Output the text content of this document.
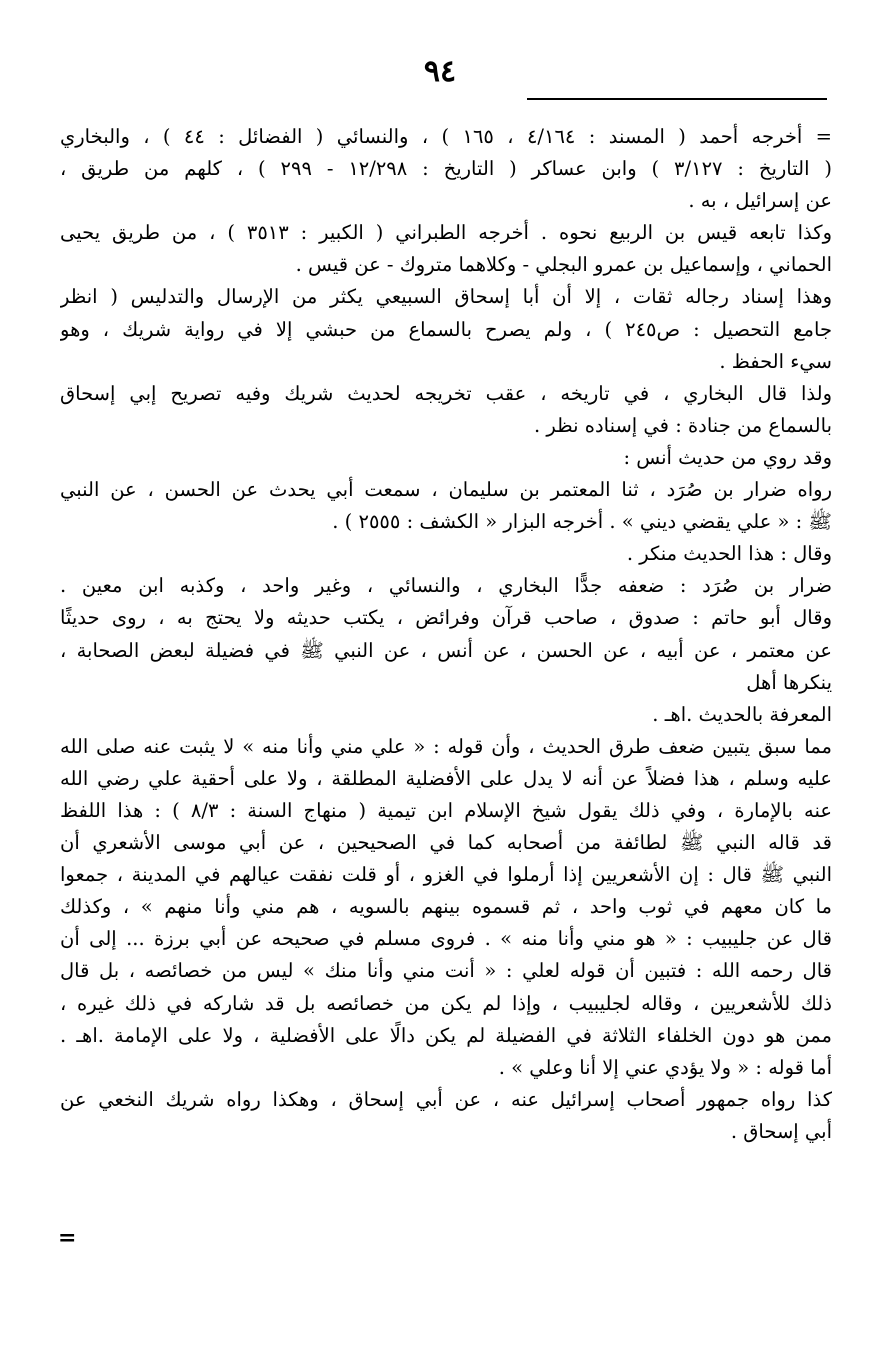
٩٤
= أخرجه أحمد ( المسند : ٤/١٦٤ ، ١٦٥ ) ، والنسائي ( الفضائل : ٤٤ ) ، والبخاري
( التاريخ : ٣/١٢٧ ) وابن عساكر ( التاريخ : ١٢/٢٩٨ - ٢٩٩ ) ، كلهم من طريق ،
عن إسرائيل ، به .
وكذا تابعه قيس بن الربيع نحوه . أخرجه الطبراني ( الكبير : ٣٥١٣ ) ، من طريق يحيى
الحماني ، وإسماعيل بن عمرو البجلي - وكلاهما متروك - عن قيس .
وهذا إسناد رجاله ثقات ، إلا أن أبا إسحاق السبيعي يكثر من الإرسال والتدليس ( انظر
جامع التحصيل : ص٢٤٥ ) ، ولم يصرح بالسماع من حبشي إلا في رواية شريك ، وهو
سيء الحفظ .
ولذا قال البخاري ، في تاريخه ، عقب تخريجه لحديث شريك وفيه تصريح إبي إسحاق
بالسماع من جنادة : في إسناده نظر .
وقد روي من حديث أنس :
رواه ضرار بن صُرَد ، ثنا المعتمر بن سليمان ، سمعت أبي يحدث عن الحسن ، عن النبي
ﷺ : « علي يقضي ديني » . أخرجه البزار « الكشف : ٢٥٥٥ ) .
وقال : هذا الحديث منكر .
ضرار بن صُرَد : ضعفه جدًّا البخاري ، والنسائي ، وغير واحد ، وكذبه ابن معين .
وقال أبو حاتم : صدوق ، صاحب قرآن وفرائض ، يكتب حديثه ولا يحتج به ، روى حديثًا
عن معتمر ، عن أبيه ، عن الحسن ، عن أنس ، عن النبي ﷺ في فضيلة لبعض الصحابة ،
ينكرها أهل
المعرفة بالحديث .اهـ .
مما سبق يتبين ضعف طرق الحديث ، وأن قوله : « علي مني وأنا منه » لا يثبت عنه صلى الله
عليه وسلم ، هذا فضلاً عن أنه لا يدل على الأفضلية المطلقة ، ولا على أحقية علي رضي الله
عنه بالإمارة ، وفي ذلك يقول شيخ الإسلام ابن تيمية ( منهاج السنة : ٨/٣ ) : هذا اللفظ
قد قاله النبي ﷺ لطائفة من أصحابه كما في الصحيحين ، عن أبي موسى الأشعري أن
النبي ﷺ قال : إن الأشعريين إذا أرملوا في الغزو ، أو قلت نفقت عيالهم في المدينة ، جمعوا
ما كان معهم في ثوب واحد ، ثم قسموه بينهم بالسويه ، هم مني وأنا منهم » ، وكذلك
قال عن جليبيب : « هو مني وأنا منه » . فروى مسلم في صحيحه عن أبي برزة ... إلى أن
قال رحمه الله : فتبين أن قوله لعلي : « أنت مني وأنا منك » ليس من خصائصه ، بل قال
ذلك للأشعريين ، وقاله لجليبيب ، وإذا لم يكن من خصائصه بل قد شاركه في ذلك غيره ،
ممن هو دون الخلفاء الثلاثة في الفضيلة لم يكن دالًا على الأفضلية ، ولا على الإمامة .اهـ .
أما قوله : « ولا يؤدي عني إلا أنا وعلي » .
كذا رواه جمهور أصحاب إسرائيل عنه ، عن أبي إسحاق ، وهكذا رواه شريك النخعي عن
أبي إسحاق .
=
